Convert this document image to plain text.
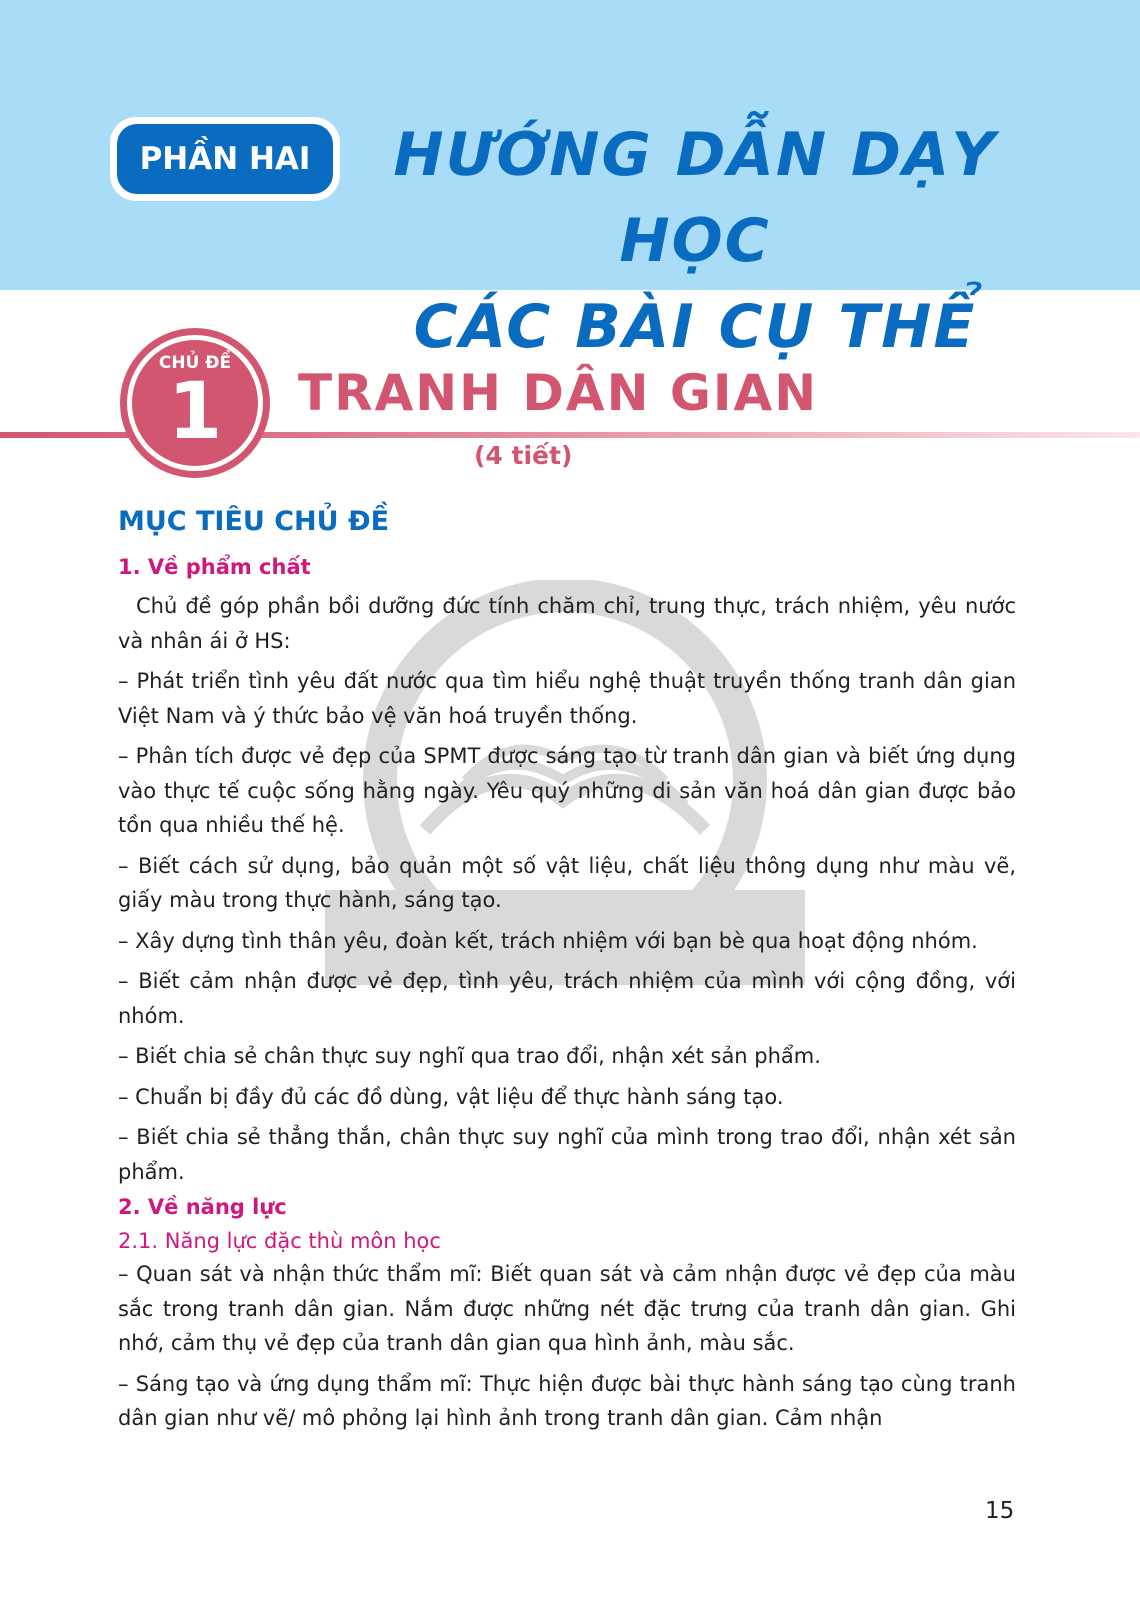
PHẦN HAI	HƯỚNG DẪN DẠY HỌC
CÁC BÀI CỤ THỂ
CHỦ ĐỀ
1	TRANH DÂN GIAN
(4 tiết)
MỤC TIÊU CHỦ ĐỀ
1. Về phẩm chất

Chủ đề góp phần bồi dưỡng đức tính chăm chỉ, trung thực, trách nhiệm, yêu nước và nhân ái ở HS:

– Phát triển tình yêu đất nước qua tìm hiểu nghệ thuật truyền thống tranh dân gian Việt Nam và ý thức bảo vệ văn hoá truyền thống.

– Phân tích được vẻ đẹp của SPMT được sáng tạo từ tranh dân gian và biết ứng dụng vào thực tế cuộc sống hằng ngày. Yêu quý những di sản văn hoá dân gian được bảo tồn qua nhiều thế hệ.

– Biết cách sử dụng, bảo quản một số vật liệu, chất liệu thông dụng như màu vẽ, giấy màu trong thực hành, sáng tạo.

– Xây dựng tình thân yêu, đoàn kết, trách nhiệm với bạn bè qua hoạt động nhóm.

– Biết cảm nhận được vẻ đẹp, tình yêu, trách nhiệm của mình với cộng đồng, với nhóm.

– Biết chia sẻ chân thực suy nghĩ qua trao đổi, nhận xét sản phẩm.

– Chuẩn bị đầy đủ các đồ dùng, vật liệu để thực hành sáng tạo.

– Biết chia sẻ thẳng thắn, chân thực suy nghĩ của mình trong trao đổi, nhận xét sản phẩm.

2. Về năng lực
2.1. Năng lực đặc thù môn học

– Quan sát và nhận thức thẩm mĩ: Biết quan sát và cảm nhận được vẻ đẹp của màu sắc trong tranh dân gian. Nắm được những nét đặc trưng của tranh dân gian. Ghi nhớ, cảm thụ vẻ đẹp của tranh dân gian qua hình ảnh, màu sắc.

– Sáng tạo và ứng dụng thẩm mĩ: Thực hiện được bài thực hành sáng tạo cùng tranh dân gian như vẽ/ mô phỏng lại hình ảnh trong tranh dân gian. Cảm nhận

15
